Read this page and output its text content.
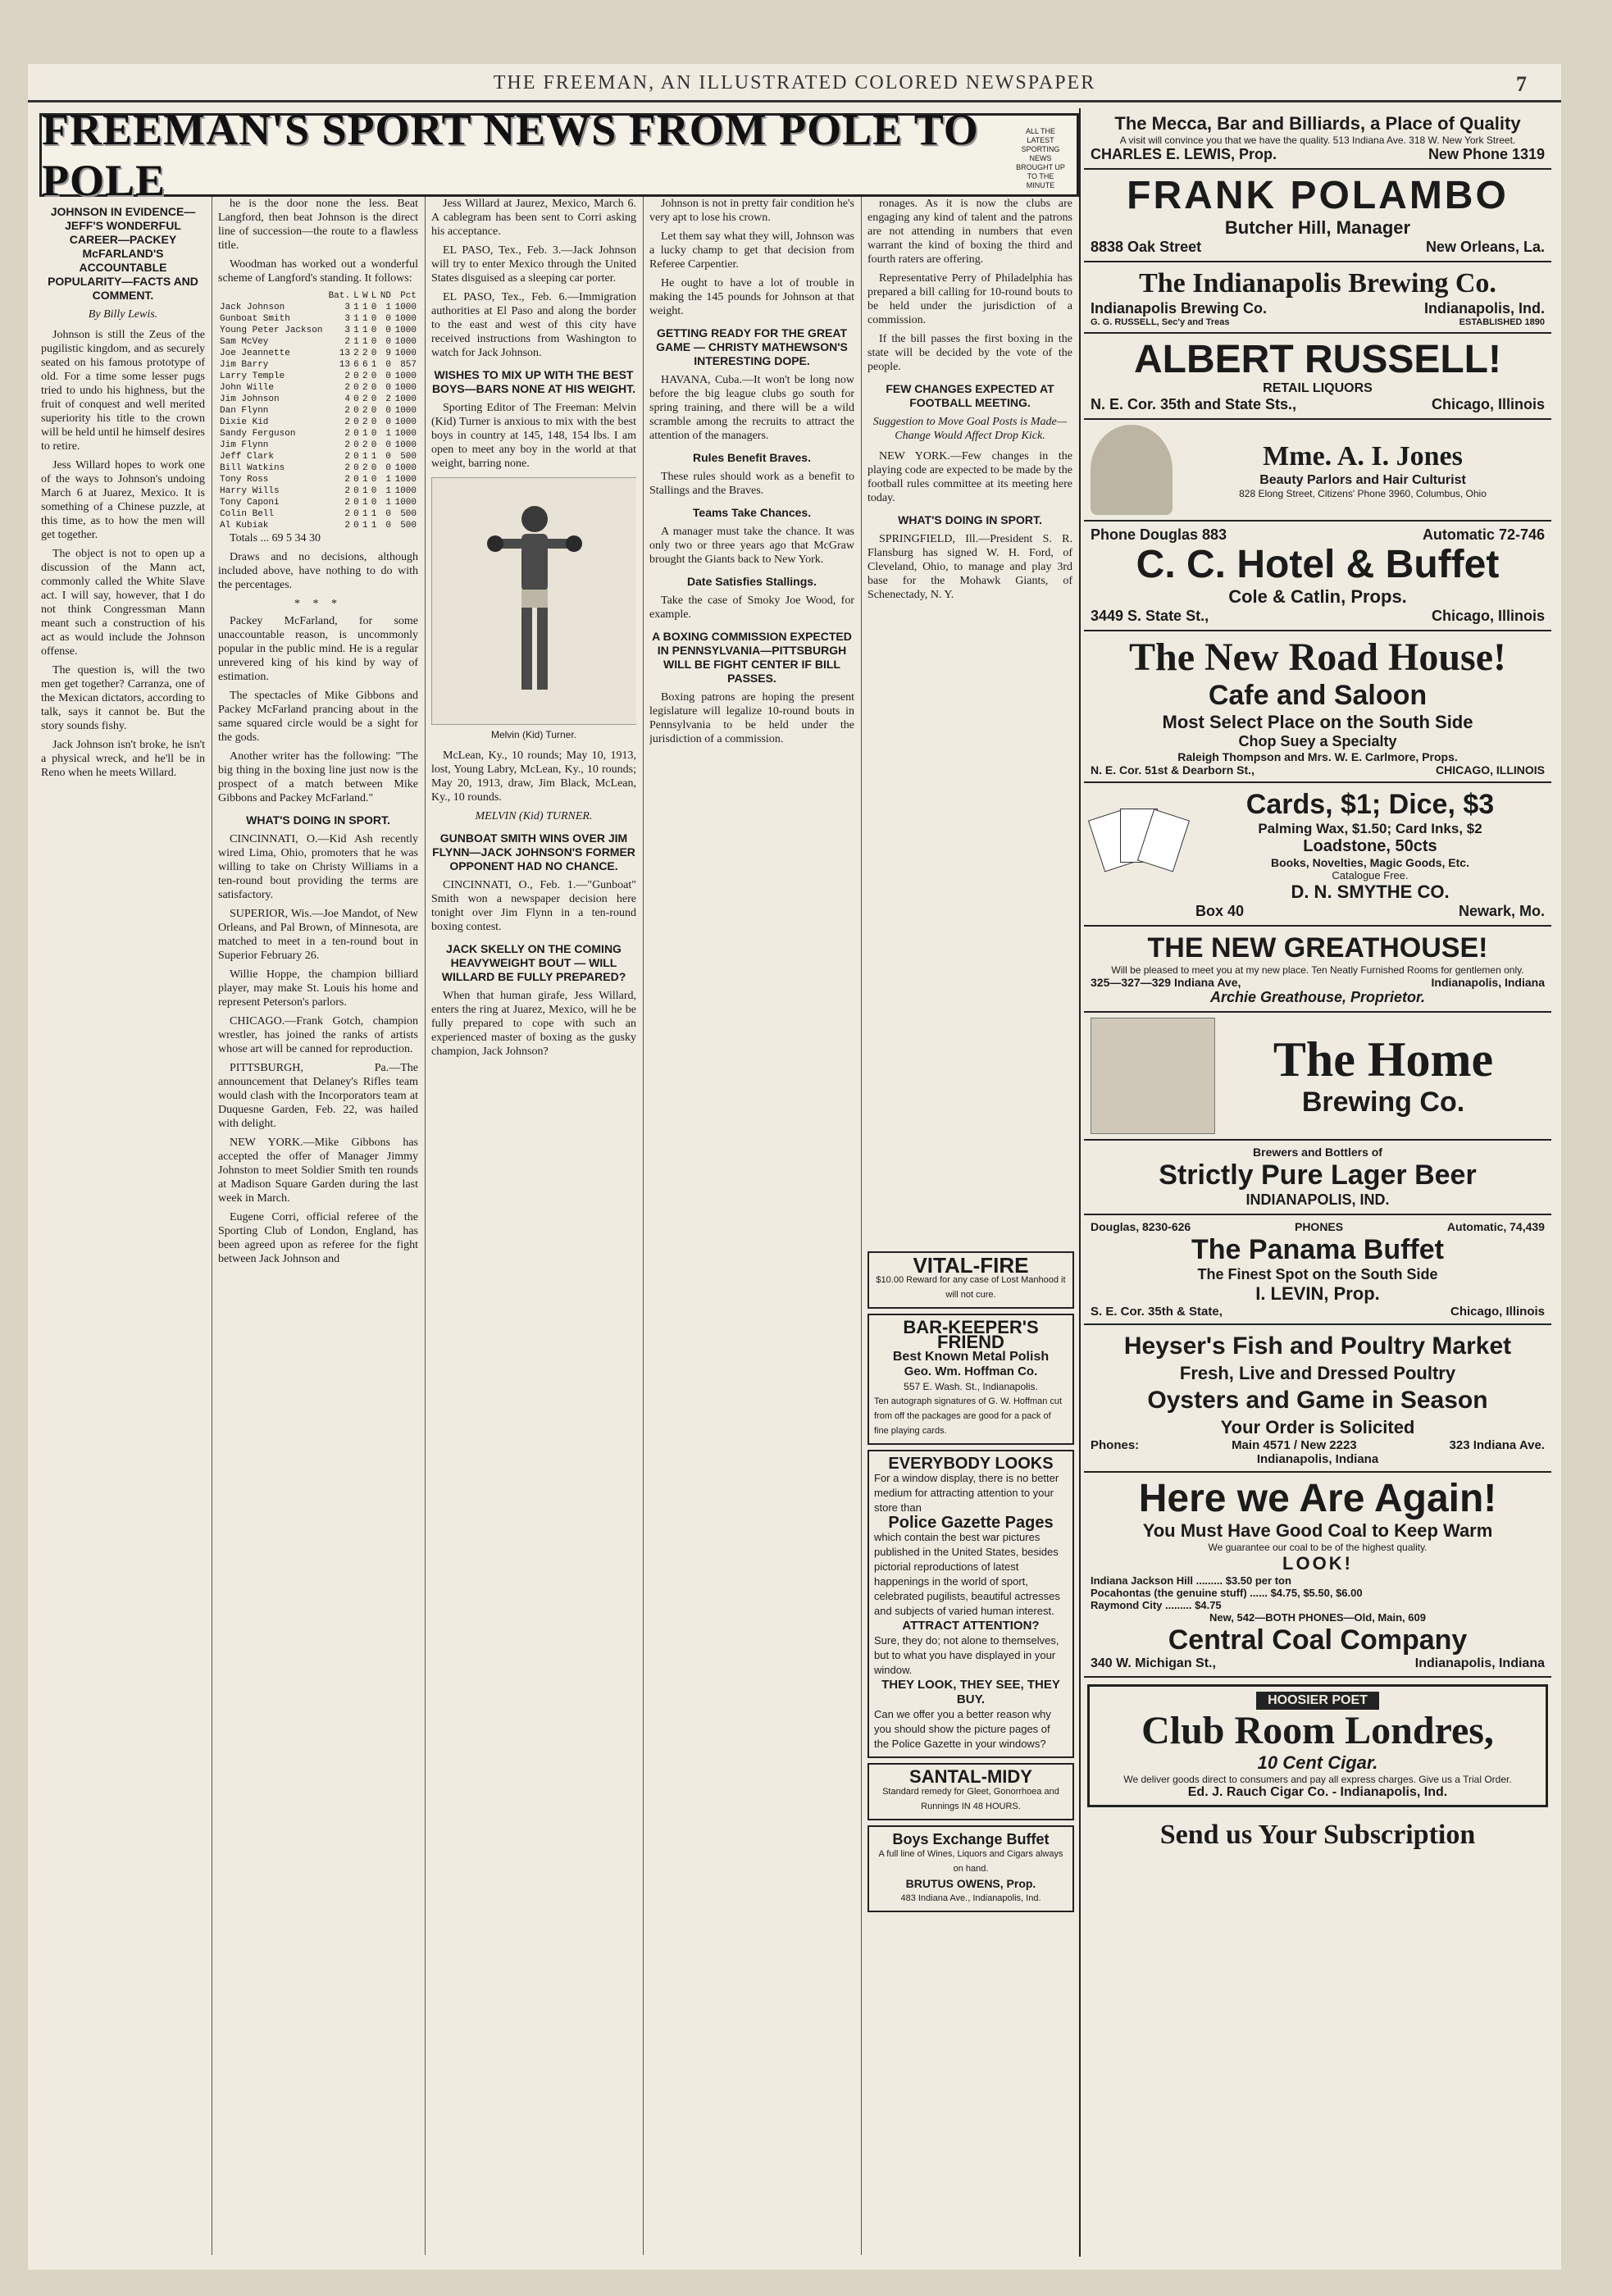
THE FREEMAN, AN ILLUSTRATED COLORED NEWSPAPER	7
FREEMAN'S SPORT NEWS FROM POLE TO POLE
ALL THE LATEST SPORTING NEWS BROUGHT UP TO THE MINUTE
JOHNSON IN EVIDENCE—JEFF'S WONDERFUL CAREER—PACKEY McFARLAND'S ACCOUNTABLE POPULARITY—FACTS AND COMMENT.
By Billy Lewis.

Johnson is still the Zeus of the pugilistic kingdom, and as securely seated on his famous prototype of old. For a time some lesser pugs tried to undo his highness, but the fruit of conquest and well merited superiority his title to the crown will be held until he himself desires to retire.

Jess Willard hopes to work one of the ways to Johnson's undoing March 6 at Juarez, Mexico. It is something of a Chinese puzzle, at this time, as to how the men will get together.

The object is not to open up a discussion of the Mann act, commonly called the White Slave act. I will say, however, that I do not think Congressman Mann meant such a construction of his act as would include the Johnson offense.

The question is, will the two men get together? Carranza, one of the Mexican dictators, according to talk, says it cannot be. But the story sounds fishy.

Jack Johnson isn't broke, he isn't a physical wreck, and he'll be in Reno when he meets Willard.

he is the door none the less. Beat Langford, then beat Johnson is the direct line of succession—the route to a flawless title.

Woodman has worked out a wonderful scheme of Langford's standing. It follows:

	Bat.	L	W	L	ND	Pct
Jack Johnson	3	1	1	0	1	1000
Gunboat Smith	3	1	1	0	0	1000
Young Peter Jackson	3	1	1	0	0	1000
Sam McVey	2	1	1	0	0	1000
Joe Jeannette	13	2	2	0	9	1000
Jim Barry	13	6	6	1	0	857
Larry Temple	2	0	2	0	0	1000
John Wille	2	0	2	0	0	1000
Jim Johnson	4	0	2	0	2	1000
Dan Flynn	2	0	2	0	0	1000
Dixie Kid	2	0	2	0	0	1000
Sandy Ferguson	2	0	1	0	1	1000
Jim Flynn	2	0	2	0	0	1000
Jeff Clark	2	0	1	1	0	500
Bill Watkins	2	0	2	0	0	1000
Tony Ross	2	0	1	0	1	1000
Harry Wills	2	0	1	0	1	1000
Tony Caponi	2	0	1	0	1	1000
Colin Bell	2	0	1	1	0	500
Al Kubiak	2	0	1	1	0	500

Totals ... 69 5 34 30

Draws and no decisions, although included above, have nothing to do with the percentages.

* * *

Packey McFarland, for some unaccountable reason, is uncommonly popular in the public mind. He is a regular unrevered king of his kind by way of estimation.

The spectacles of Mike Gibbons and Packey McFarland prancing about in the same squared circle would be a sight for the gods.

Another writer has the following: "The big thing in the boxing line just now is the prospect of a match between Mike Gibbons and Packey McFarland."

WHAT'S DOING IN SPORT.

CINCINNATI, O.—Kid Ash recently wired Lima, Ohio, promoters that he was willing to take on Christy Williams in a ten-round bout providing the terms are satisfactory.

SUPERIOR, Wis.—Joe Mandot, of New Orleans, and Pal Brown, of Minnesota, are matched to meet in a ten-round bout in Superior February 26.

Willie Hoppe, the champion billiard player, may make St. Louis his home and represent Peterson's parlors.

CHICAGO.—Frank Gotch, champion wrestler, has joined the ranks of artists whose art will be canned for reproduction.

PITTSBURGH, Pa.—The announcement that Delaney's Rifles team would clash with the Incorporators team at Duquesne Garden, Feb. 22, was hailed with delight.

NEW YORK.—Mike Gibbons has accepted the offer of Manager Jimmy Johnston to meet Soldier Smith ten rounds at Madison Square Garden during the last week in March.

Eugene Corri, official referee of the Sporting Club of London, England, has been agreed upon as referee for the fight between Jack Johnson and

Jess Willard at Jaurez, Mexico, March 6. A cablegram has been sent to Corri asking his acceptance.

EL PASO, Tex., Feb. 3.—Jack Johnson will try to enter Mexico through the United States disguised as a sleeping car porter.

EL PASO, Tex., Feb. 6.—Immigration authorities at El Paso and along the border to the east and west of this city have received instructions from Washington to watch for Jack Johnson.

WISHES TO MIX UP WITH THE BEST BOYS—BARS NONE AT HIS WEIGHT.

Sporting Editor of The Freeman: Melvin (Kid) Turner is anxious to mix with the best boys in country at 145, 148, 154 lbs. I am open to meet any boy in the world at that weight, barring none.

Melvin (Kid) Turner.

McLean, Ky., 10 rounds; May 10, 1913, lost, Young Labry, McLean, Ky., 10 rounds; May 20, 1913, draw, Jim Black, McLean, Ky., 10 rounds.

MELVIN (Kid) TURNER.
GUNBOAT SMITH WINS OVER JIM FLYNN—JACK JOHNSON'S FORMER OPPONENT HAD NO CHANCE.

CINCINNATI, O., Feb. 1.—"Gunboat" Smith won a newspaper decision here tonight over Jim Flynn in a ten-round boxing contest.

JACK SKELLY ON THE COMING HEAVYWEIGHT BOUT — WILL WILLARD BE FULLY PREPARED?

When that human girafe, Jess Willard, enters the ring at Juarez, Mexico, will he be fully prepared to cope with such an experienced master of boxing as the gusky champion, Jack Johnson?

Johnson is not in pretty fair condition he's very apt to lose his crown.

Let them say what they will, Johnson was a lucky champ to get that decision from Referee Carpentier.

He ought to have a lot of trouble in making the 145 pounds for Johnson at that weight.

GETTING READY FOR THE GREAT GAME — CHRISTY MATHEWSON'S INTERESTING DOPE.

HAVANA, Cuba.—It won't be long now before the big league clubs go south for spring training, and there will be a wild scramble among the recruits to attract the attention of the managers.

Rules Benefit Braves.

These rules should work as a benefit to Stallings and the Braves.

Teams Take Chances.

A manager must take the chance. It was only two or three years ago that McGraw brought the Giants back to New York.

Date Satisfies Stallings.

Take the case of Smoky Joe Wood, for example.

A BOXING COMMISSION EXPECTED IN PENNSYLVANIA—PITTSBURGH WILL BE FIGHT CENTER IF BILL PASSES.

Boxing patrons are hoping the present legislature will legalize 10-round bouts in Pennsylvania to be held under the jurisdiction of a commission.

ronages. As it is now the clubs are engaging any kind of talent and the patrons are not attending in numbers that even warrant the kind of boxing the third and fourth raters are offering.

Representative Perry of Philadelphia has prepared a bill calling for 10-round bouts to be held under the jurisdiction of a commission.

If the bill passes the first boxing in the state will be decided by the vote of the people.

FEW CHANGES EXPECTED AT FOOTBALL MEETING.
Suggestion to Move Goal Posts is Made—Change Would Affect Drop Kick.

NEW YORK.—Few changes in the playing code are expected to be made by the football rules committee at its meeting here today.

WHAT'S DOING IN SPORT.

SPRINGFIELD, Ill.—President S. R. Flansburg has signed W. H. Ford, of Cleveland, Ohio, to manage and play 3rd base for the Mohawk Giants, of Schenectady, N. Y.

VITAL-FIRE
$10.00 Reward for any case of Lost Manhood it will not cure.
BAR-KEEPER'S FRIEND
Best Known Metal Polish
Geo. Wm. Hoffman Co.
557 E. Wash. St., Indianapolis.
Ten autograph signatures of G. W. Hoffman cut from off the packages are good for a pack of fine playing cards.
EVERYBODY LOOKS
For a window display, there is no better medium for attracting attention to your store than
Police Gazette Pages
which contain the best war pictures published in the United States, besides pictorial reproductions of latest happenings in the world of sport, celebrated pugilists, beautiful actresses and subjects of varied human interest.
ATTRACT ATTENTION?
Sure, they do; not alone to themselves, but to what you have displayed in your window.
THEY LOOK, THEY SEE, THEY BUY.
Can we offer you a better reason why you should show the picture pages of the Police Gazette in your windows?
SANTAL-MIDY
Standard remedy for Gleet, Gonorrhoea and Runnings IN 48 HOURS.
Boys Exchange Buffet
A full line of Wines, Liquors and Cigars always on hand.
BRUTUS OWENS, Prop.
483 Indiana Ave., Indianapolis, Ind.
The Mecca, Bar and Billiards, a Place of Quality
A visit will convince you that we have the quality. 513 Indiana Ave. 318 W. New York Street.
CHARLES E. LEWIS, Prop.	New Phone 1319
FRANK POLAMBO
Butcher Hill, Manager
8838 Oak Street	New Orleans, La.
The Indianapolis Brewing Co.
Indianapolis Brewing Co.	Indianapolis, Ind.
G. G. RUSSELL, Sec'y and Treas	ESTABLISHED 1890
ALBERT RUSSELL!
RETAIL LIQUORS
N. E. Cor. 35th and State Sts.,	Chicago, Illinois
Mme. A. I. Jones
Beauty Parlors and Hair Culturist
828 Elong Street, Citizens' Phone 3960, Columbus, Ohio
Phone Douglas 883	Automatic 72-746
C. C. Hotel & Buffet
Cole & Catlin, Props.
3449 S. State St.,	Chicago, Illinois
The New Road House!
Cafe and Saloon
Most Select Place on the South Side
Chop Suey a Specialty
Raleigh Thompson and Mrs. W. E. Carlmore, Props.
N. E. Cor. 51st & Dearborn St.,	CHICAGO, ILLINOIS
Cards, $1; Dice, $3
Palming Wax, $1.50; Card Inks, $2
Loadstone, 50cts
Books, Novelties, Magic Goods, Etc.
Catalogue Free.
D. N. SMYTHE CO.
Box 40	Newark, Mo.
THE NEW GREATHOUSE!
Will be pleased to meet you at my new place. Ten Neatly Furnished Rooms for gentlemen only.
325—327—329 Indiana Ave,	Indianapolis, Indiana
Archie Greathouse, Proprietor.
The Home
Brewing Co.
Brewers and Bottlers of
Strictly Pure Lager Beer
INDIANAPOLIS, IND.
Douglas, 8230-626	PHONES	Automatic, 74,439
The Panama Buffet
The Finest Spot on the South Side
I. LEVIN, Prop.
S. E. Cor. 35th & State,	Chicago, Illinois
Heyser's Fish and Poultry Market
Fresh, Live and Dressed Poultry
Oysters and Game in Season
Your Order is Solicited
Phones:	Main 4571 / New 2223	323 Indiana Ave.
Indianapolis, Indiana
Here we Are Again!
You Must Have Good Coal to Keep Warm
We guarantee our coal to be of the highest quality.
LOOK!
Indiana Jackson Hill ......... $3.50 per ton
Pocahontas (the genuine stuff) ...... $4.75, $5.50, $6.00
Raymond City ......... $4.75
New, 542—BOTH PHONES—Old, Main, 609
Central Coal Company
340 W. Michigan St.,	Indianapolis, Indiana
HOOSIER POET
Club Room Londres,
10 Cent Cigar.
We deliver goods direct to consumers and pay all express charges. Give us a Trial Order.
Ed. J. Rauch Cigar Co. - Indianapolis, Ind.
Send us Your Subscription
